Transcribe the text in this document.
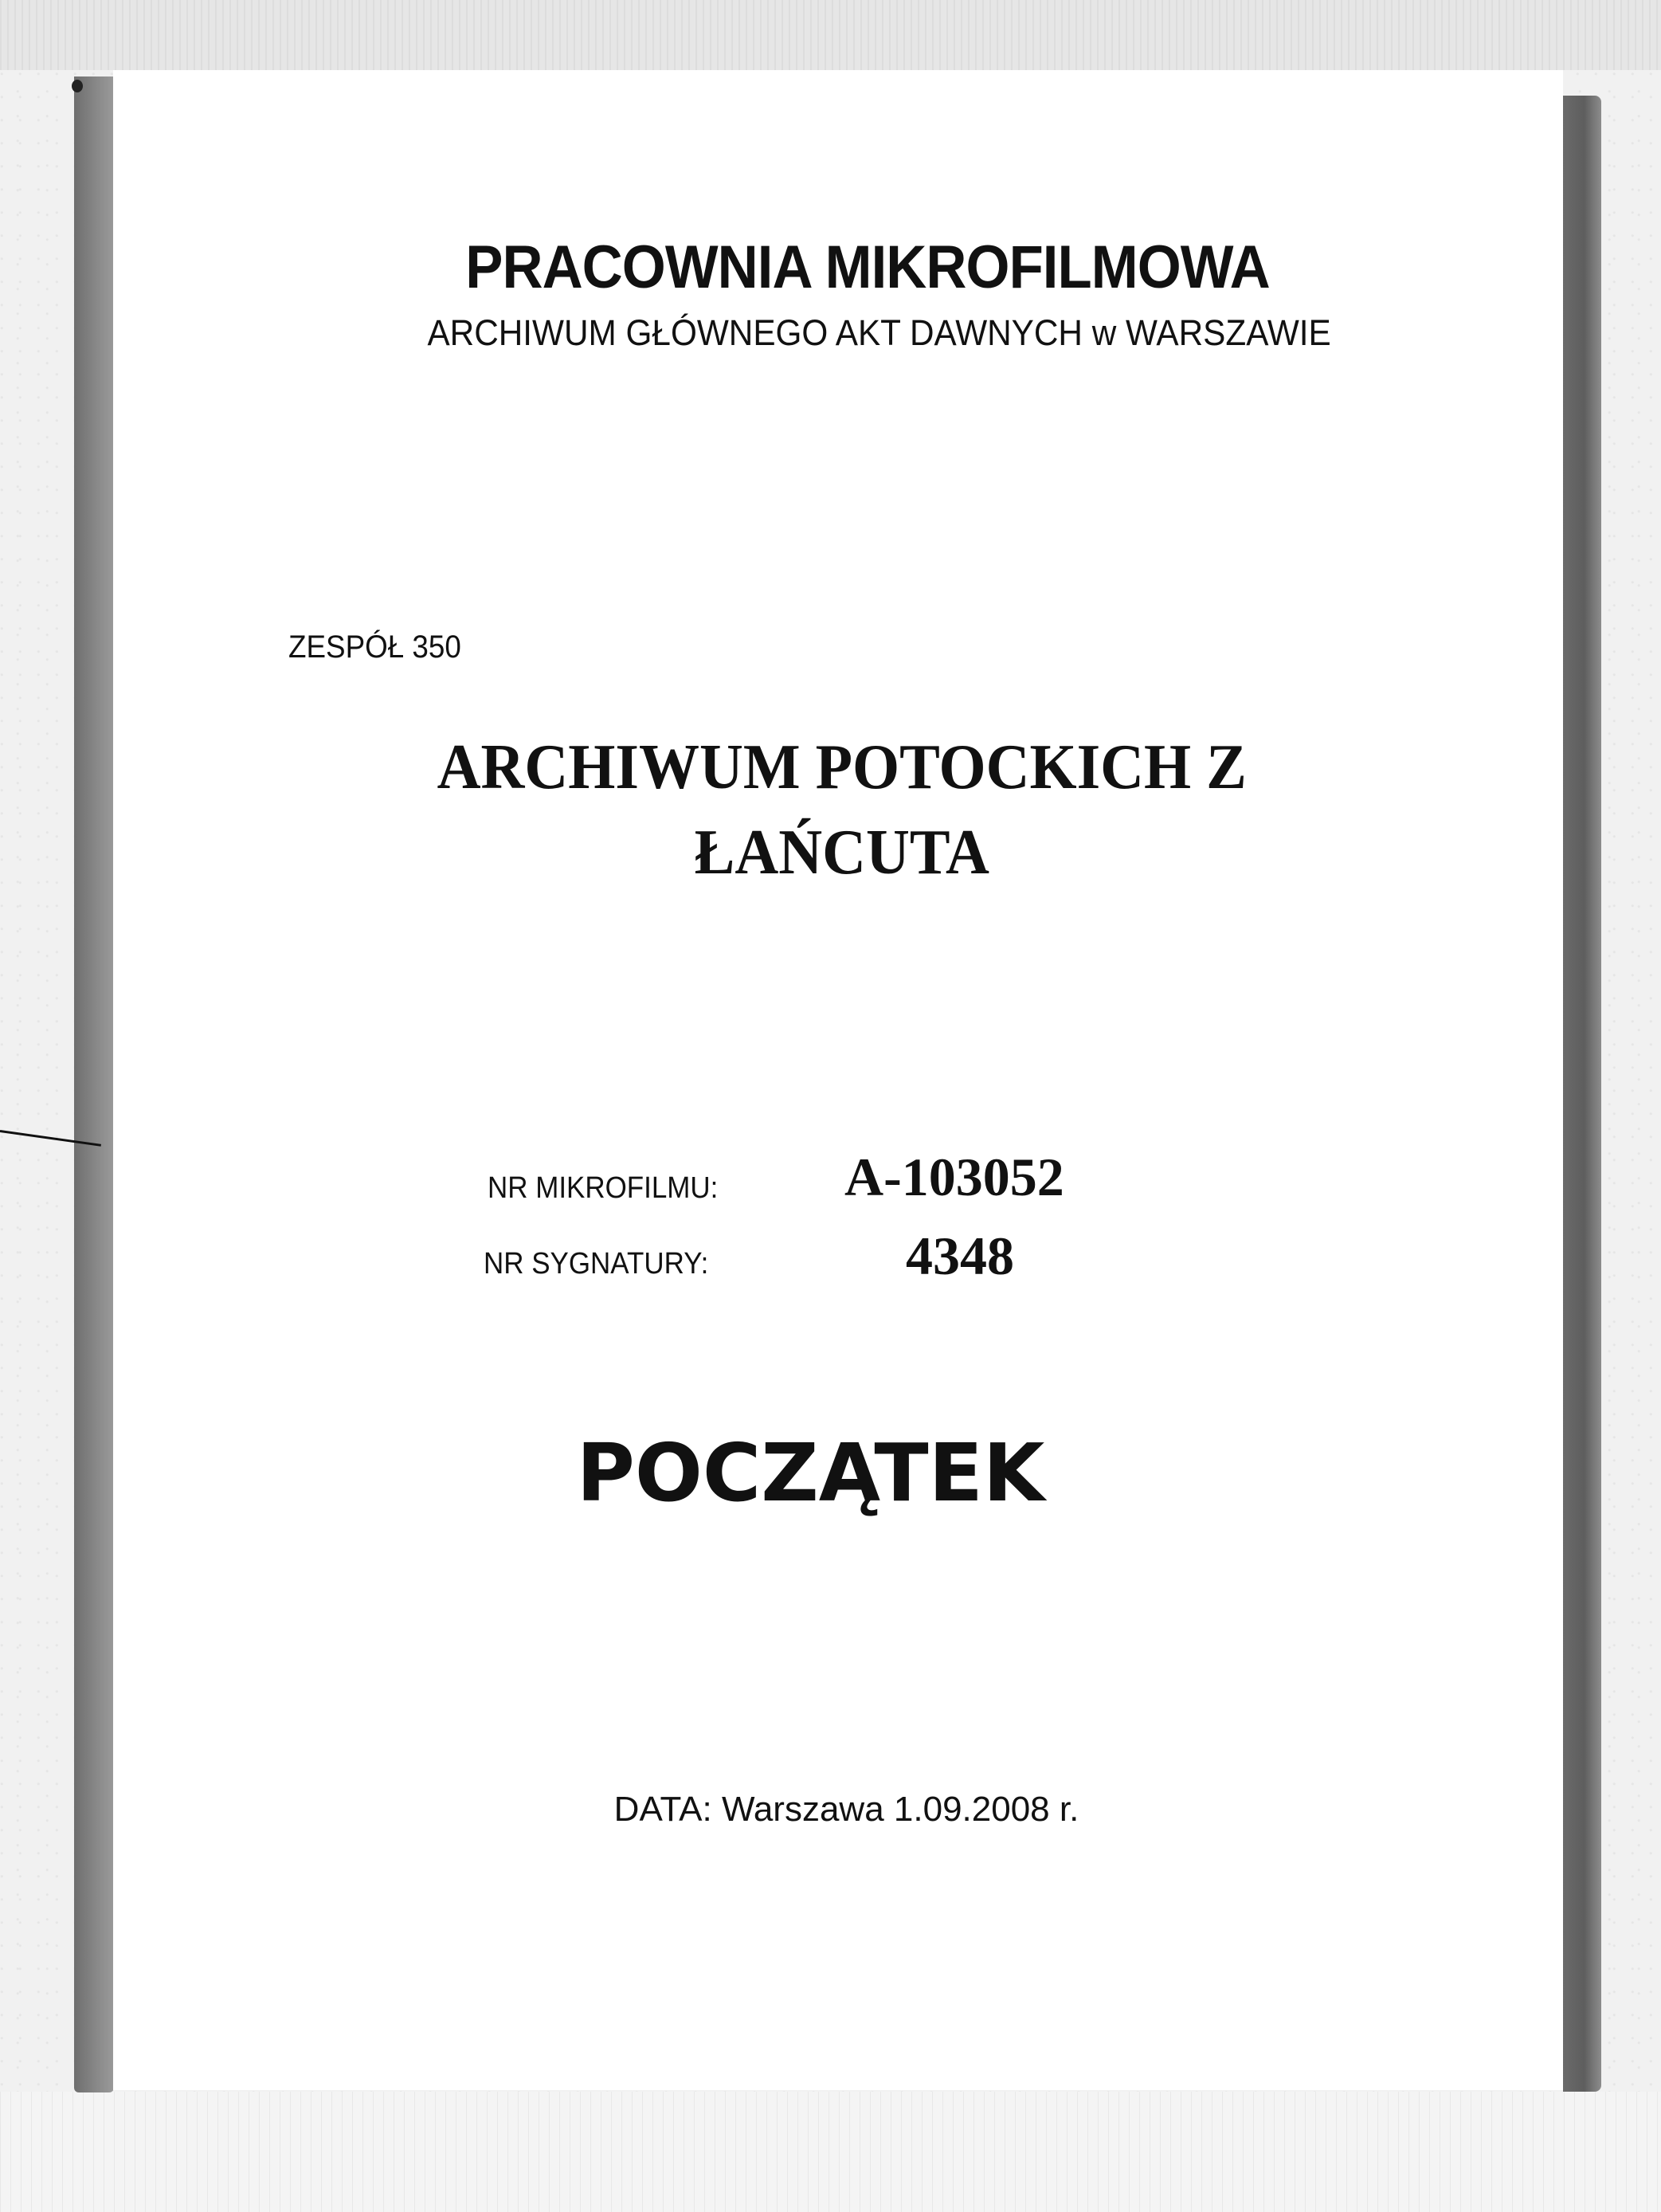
PRACOWNIA MIKROFILMOWA
ARCHIWUM GŁÓWNEGO AKT DAWNYCH w WARSZAWIE
ZESPÓŁ 350
ARCHIWUM POTOCKICH Z
ŁAŃCUTA
NR MIKROFILMU: A-103052
NR SYGNATURY:	4348
POCZĄTEK
DATA: Warszawa 1.09.2008 r.
